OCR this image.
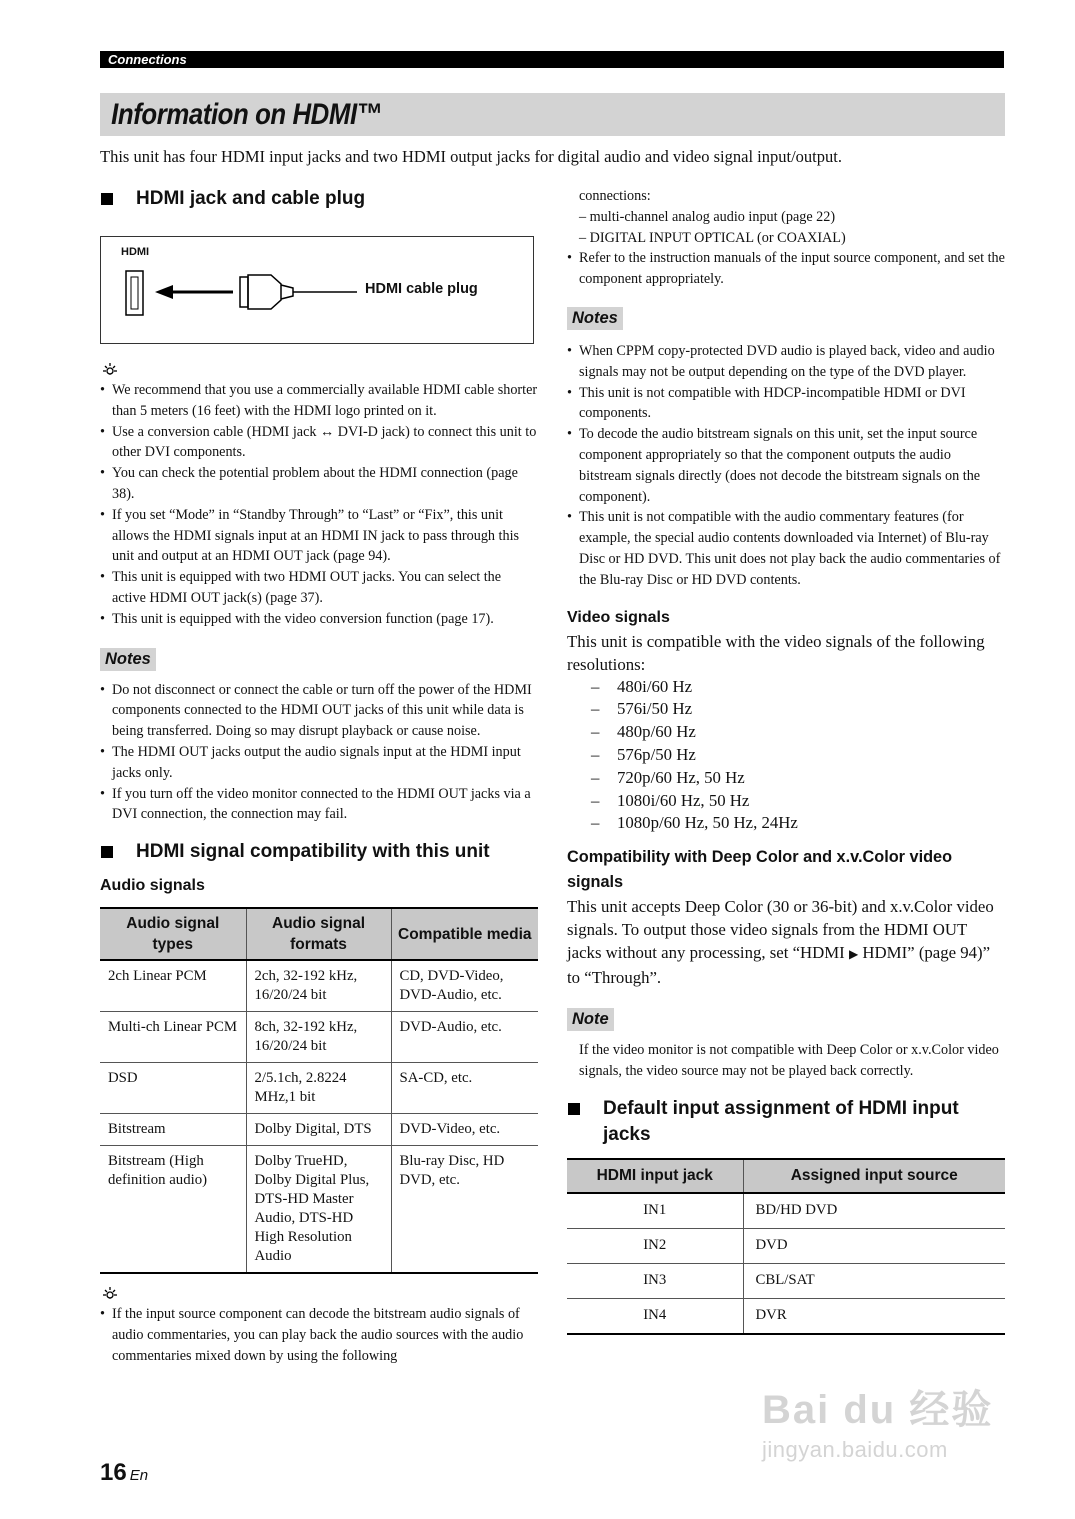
Connections
Information on HDMI™
This unit has four HDMI input jacks and two HDMI output jacks for digital audio and video signal input/output.
HDMI jack and cable plug
HDMI
HDMI cable plug
• We recommend that you use a commercially available HDMI cable shorter than 5 meters (16 feet) with the HDMI logo printed on it.
• Use a conversion cable (HDMI jack ↔ DVI-D jack) to connect this unit to other DVI components.
• You can check the potential problem about the HDMI connection (page 38).
• If you set “Mode” in “Standby Through” to “Last” or “Fix”, this unit allows the HDMI signals input at an HDMI IN jack to pass through this unit and output at an HDMI OUT jack (page 94).
• This unit is equipped with two HDMI OUT jacks. You can select the active HDMI OUT jack(s) (page 37).
• This unit is equipped with the video conversion function (page 17).
Notes
• Do not disconnect or connect the cable or turn off the power of the HDMI components connected to the HDMI OUT jacks of this unit while data is being transferred. Doing so may disrupt playback or cause noise.
• The HDMI OUT jacks output the audio signals input at the HDMI input jacks only.
• If you turn off the video monitor connected to the HDMI OUT jacks via a DVI connection, the connection may fail.
HDMI signal compatibility with this unit
Audio signals
Audio signal types	Audio signal formats	Compatible media
2ch Linear PCM	2ch, 32-192 kHz, 16/20/24 bit	CD, DVD-Video, DVD-Audio, etc.
Multi-ch Linear PCM	8ch, 32-192 kHz, 16/20/24 bit	DVD-Audio, etc.
DSD	2/5.1ch, 2.8224 MHz,1 bit	SA-CD, etc.
Bitstream	Dolby Digital, DTS	DVD-Video, etc.
Bitstream (High definition audio)	Dolby TrueHD, Dolby Digital Plus, DTS-HD Master Audio, DTS-HD High Resolution Audio	Blu-ray Disc, HD DVD, etc.
• If the input source component can decode the bitstream audio signals of audio commentaries, you can play back the audio sources with the audio commentaries mixed down by using the following
connections:
– multi-channel analog audio input (page 22)
– DIGITAL INPUT OPTICAL (or COAXIAL)
• Refer to the instruction manuals of the input source component, and set the component appropriately.
Notes
• When CPPM copy-protected DVD audio is played back, video and audio signals may not be output depending on the type of the DVD player.
• This unit is not compatible with HDCP-incompatible HDMI or DVI components.
• To decode the audio bitstream signals on this unit, set the input source component appropriately so that the component outputs the audio bitstream signals directly (does not decode the bitstream signals on the component).
• This unit is not compatible with the audio commentary features (for example, the special audio contents downloaded via Internet) of Blu-ray Disc or HD DVD. This unit does not play back the audio commentaries of the Blu-ray Disc or HD DVD contents.
Video signals
This unit is compatible with the video signals of the following resolutions:
– 480i/60 Hz
– 576i/50 Hz
– 480p/60 Hz
– 576p/50 Hz
– 720p/60 Hz, 50 Hz
– 1080i/60 Hz, 50 Hz
– 1080p/60 Hz, 50 Hz, 24Hz
Compatibility with Deep Color and x.v.Color video signals
This unit accepts Deep Color (30 or 36-bit) and x.v.Color video signals. To output those video signals from the HDMI OUT jacks without any processing, set “HDMI ▶ HDMI” (page 94)” to “Through”.
Note
If the video monitor is not compatible with Deep Color or x.v.Color video signals, the video source may not be played back correctly.
Default input assignment of HDMI input jacks
HDMI input jack	Assigned input source
IN1	BD/HD DVD
IN2	DVD
IN3	CBL/SAT
IN4	DVR
16 En
Bai du 经验
jingyan.baidu.com
